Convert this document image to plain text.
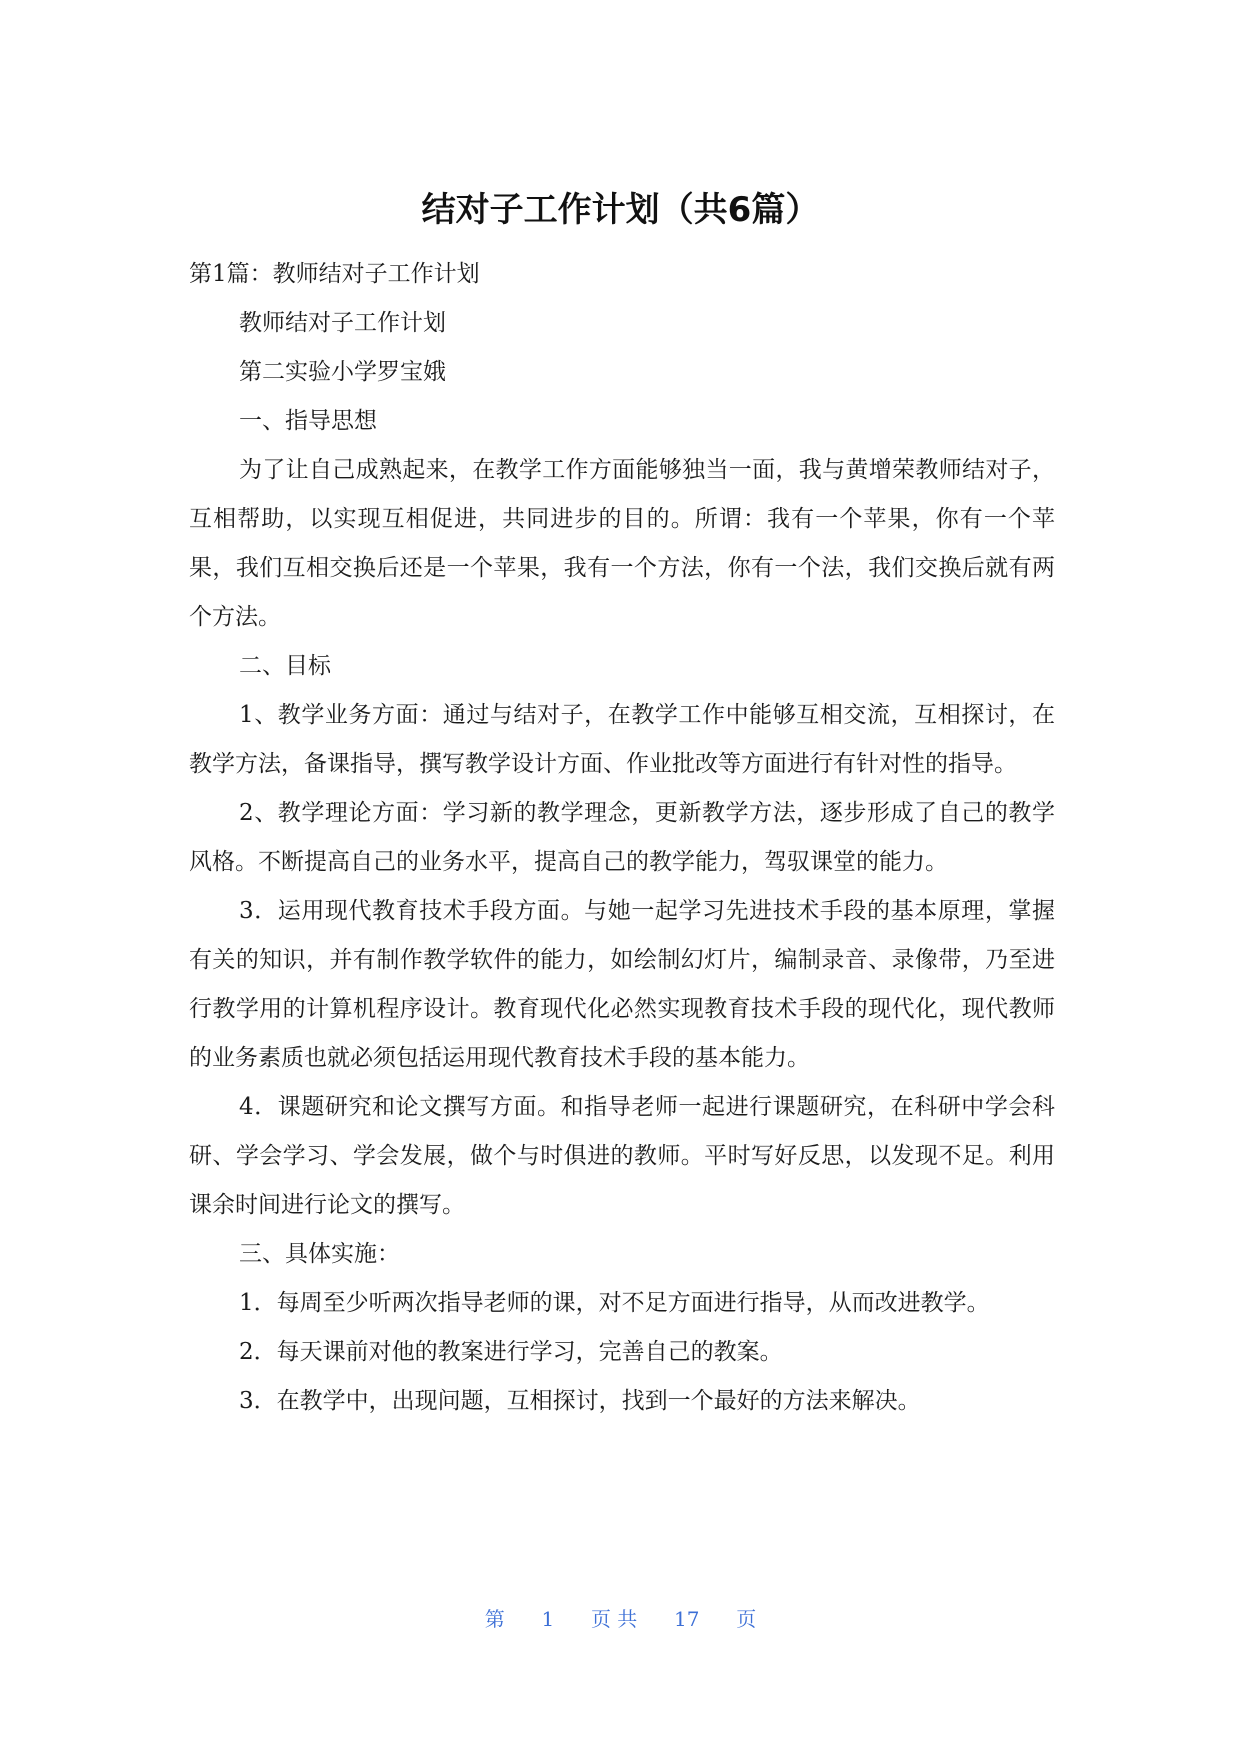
结对子工作计划（共6篇）

第1篇：教师结对子工作计划

教师结对子工作计划

第二实验小学罗宝娥

一、指导思想

为了让自己成熟起来，在教学工作方面能够独当一面，我与黄增荣教师结对子，互相帮助，以实现互相促进，共同进步的目的。所谓：我有一个苹果，你有一个苹果，我们互相交换后还是一个苹果，我有一个方法，你有一个法，我们交换后就有两个方法。

二、目标

1、教学业务方面：通过与结对子，在教学工作中能够互相交流，互相探讨，在教学方法，备课指导，撰写教学设计方面、作业批改等方面进行有针对性的指导。

2、教学理论方面：学习新的教学理念，更新教学方法，逐步形成了自己的教学风格。不断提高自己的业务水平，提高自己的教学能力，驾驭课堂的能力。

3．运用现代教育技术手段方面。与她一起学习先进技术手段的基本原理，掌握有关的知识，并有制作教学软件的能力，如绘制幻灯片，编制录音、录像带，乃至进行教学用的计算机程序设计。教育现代化必然实现教育技术手段的现代化，现代教师的业务素质也就必须包括运用现代教育技术手段的基本能力。

4．课题研究和论文撰写方面。和指导老师一起进行课题研究，在科研中学会科研、学会学习、学会发展，做个与时俱进的教师。平时写好反思，以发现不足。利用课余时间进行论文的撰写。

三、具体实施：

1．每周至少听两次指导老师的课，对不足方面进行指导，从而改进教学。

2．每天课前对他的教案进行学习，完善自己的教案。

3．在教学中，出现问题，互相探讨，找到一个最好的方法来解决。

第 1 页 共 17 页
